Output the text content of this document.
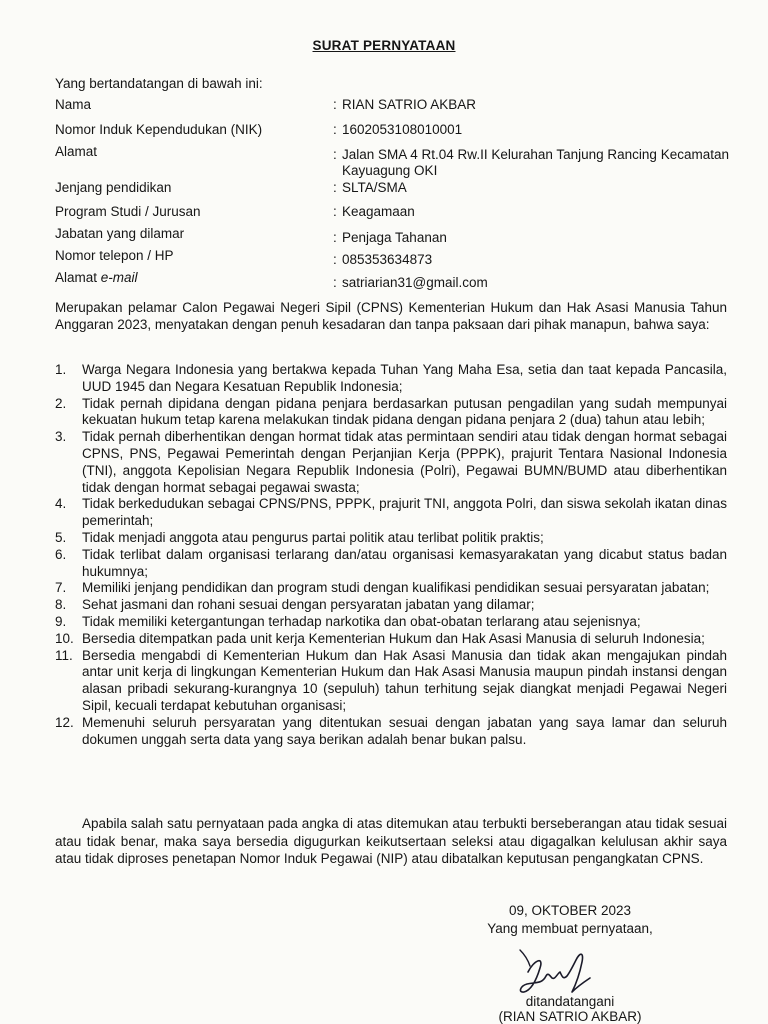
SURAT PERNYATAAN
Yang bertandatangan di bawah ini:
Nama	: RIAN SATRIO AKBAR
Nomor Induk Kependudukan (NIK)	: 1602053108010001
Alamat	: Jalan SMA 4 Rt.04 Rw.II Kelurahan Tanjung Rancing Kecamatan Kayuagung OKI
Jenjang pendidikan	: SLTA/SMA
Program Studi / Jurusan	: Keagamaan
Jabatan yang dilamar	: Penjaga Tahanan
Nomor telepon / HP	: 085353634873
Alamat e-mail	: satriarian31@gmail.com
Merupakan pelamar Calon Pegawai Negeri Sipil (CPNS) Kementerian Hukum dan Hak Asasi Manusia Tahun Anggaran 2023, menyatakan dengan penuh kesadaran dan tanpa paksaan dari pihak manapun, bahwa saya:
1. Warga Negara Indonesia yang bertakwa kepada Tuhan Yang Maha Esa, setia dan taat kepada Pancasila, UUD 1945 dan Negara Kesatuan Republik Indonesia;
2. Tidak pernah dipidana dengan pidana penjara berdasarkan putusan pengadilan yang sudah mempunyai kekuatan hukum tetap karena melakukan tindak pidana dengan pidana penjara 2 (dua) tahun atau lebih;
3. Tidak pernah diberhentikan dengan hormat tidak atas permintaan sendiri atau tidak dengan hormat sebagai CPNS, PNS, Pegawai Pemerintah dengan Perjanjian Kerja (PPPK), prajurit Tentara Nasional Indonesia (TNI), anggota Kepolisian Negara Republik Indonesia (Polri), Pegawai BUMN/BUMD atau diberhentikan tidak dengan hormat sebagai pegawai swasta;
4. Tidak berkedudukan sebagai CPNS/PNS, PPPK, prajurit TNI, anggota Polri, dan siswa sekolah ikatan dinas pemerintah;
5. Tidak menjadi anggota atau pengurus partai politik atau terlibat politik praktis;
6. Tidak terlibat dalam organisasi terlarang dan/atau organisasi kemasyarakatan yang dicabut status badan hukumnya;
7. Memiliki jenjang pendidikan dan program studi dengan kualifikasi pendidikan sesuai persyaratan jabatan;
8. Sehat jasmani dan rohani sesuai dengan persyaratan jabatan yang dilamar;
9. Tidak memiliki ketergantungan terhadap narkotika dan obat-obatan terlarang atau sejenisnya;
10. Bersedia ditempatkan pada unit kerja Kementerian Hukum dan Hak Asasi Manusia di seluruh Indonesia;
11. Bersedia mengabdi di Kementerian Hukum dan Hak Asasi Manusia dan tidak akan mengajukan pindah antar unit kerja di lingkungan Kementerian Hukum dan Hak Asasi Manusia maupun pindah instansi dengan alasan pribadi sekurang-kurangnya 10 (sepuluh) tahun terhitung sejak diangkat menjadi Pegawai Negeri Sipil, kecuali terdapat kebutuhan organisasi;
12. Memenuhi seluruh persyaratan yang ditentukan sesuai dengan jabatan yang saya lamar dan seluruh dokumen unggah serta data yang saya berikan adalah benar bukan palsu.
Apabila salah satu pernyataan pada angka di atas ditemukan atau terbukti berseberangan atau tidak sesuai atau tidak benar, maka saya bersedia digugurkan keikutsertaan seleksi atau digagalkan kelulusan akhir saya atau tidak diproses penetapan Nomor Induk Pegawai (NIP) atau dibatalkan keputusan pengangkatan CPNS.
09, OKTOBER 2023
Yang membuat pernyataan,
ditandatangani
(RIAN SATRIO AKBAR)
